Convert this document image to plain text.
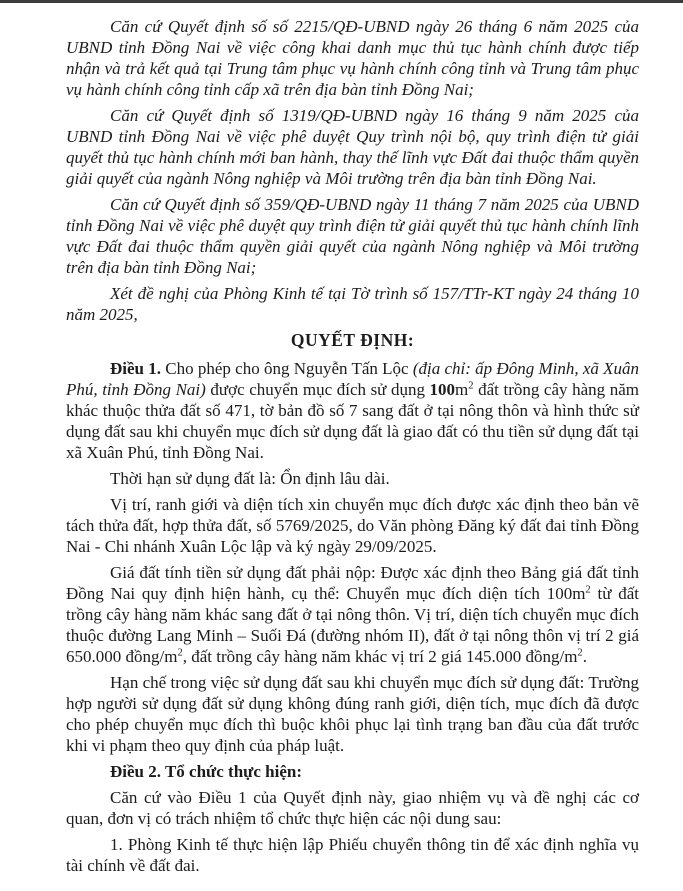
Căn cứ Quyết định số số 2215/QĐ-UBND ngày 26 tháng 6 năm 2025 của UBND tỉnh Đồng Nai về việc công khai danh mục thủ tục hành chính được tiếp nhận và trả kết quả tại Trung tâm phục vụ hành chính công tỉnh và Trung tâm phục vụ hành chính công tỉnh cấp xã trên địa bàn tỉnh Đồng Nai;

Căn cứ Quyết định số 1319/QĐ-UBND ngày 16 tháng 9 năm 2025 của UBND tỉnh Đồng Nai về việc phê duyệt Quy trình nội bộ, quy trình điện tử giải quyết thủ tục hành chính mới ban hành, thay thế lĩnh vực Đất đai thuộc thẩm quyền giải quyết của ngành Nông nghiệp và Môi trường trên địa bàn tỉnh Đồng Nai.

Căn cứ Quyết định số 359/QĐ-UBND ngày 11 tháng 7 năm 2025 của UBND tỉnh Đồng Nai về việc phê duyệt quy trình điện tử giải quyết thủ tục hành chính lĩnh vực Đất đai thuộc thẩm quyền giải quyết của ngành Nông nghiệp và Môi trường trên địa bàn tỉnh Đồng Nai;

Xét đề nghị của Phòng Kinh tế tại Tờ trình số 157/TTr-KT ngày 24 tháng 10 năm 2025,

QUYẾT ĐỊNH:

Điều 1. Cho phép cho ông Nguyễn Tấn Lộc (địa chỉ: ấp Đông Minh, xã Xuân Phú, tỉnh Đồng Nai) được chuyển mục đích sử dụng $100m^2$ đất trồng cây hàng năm khác thuộc thửa đất số 471, tờ bản đồ số 7 sang đất ở tại nông thôn và hình thức sử dụng đất sau khi chuyển mục đích sử dụng đất là giao đất có thu tiền sử dụng đất tại xã Xuân Phú, tỉnh Đồng Nai.

Thời hạn sử dụng đất là: Ổn định lâu dài.

Vị trí, ranh giới và diện tích xin chuyển mục đích được xác định theo bản vẽ tách thửa đất, hợp thửa đất, số 5769/2025, do Văn phòng Đăng ký đất đai tỉnh Đồng Nai - Chi nhánh Xuân Lộc lập và ký ngày 29/09/2025.

Giá đất tính tiền sử dụng đất phải nộp: Được xác định theo Bảng giá đất tỉnh Đồng Nai quy định hiện hành, cụ thể: Chuyển mục đích diện tích $100m^2$ từ đất trồng cây hàng năm khác sang đất ở tại nông thôn. Vị trí, diện tích chuyển mục đích thuộc đường Lang Minh – Suối Đá (đường nhóm II), đất ở tại nông thôn vị trí 2 giá 650.000 đồng/$m^2$, đất trồng cây hàng năm khác vị trí 2 giá 145.000 đồng/$m^2$.

Hạn chế trong việc sử dụng đất sau khi chuyển mục đích sử dụng đất: Trường hợp người sử dụng đất sử dụng không đúng ranh giới, diện tích, mục đích đã được cho phép chuyển mục đích thì buộc khôi phục lại tình trạng ban đầu của đất trước khi vi phạm theo quy định của pháp luật.

Điều 2. Tổ chức thực hiện:

Căn cứ vào Điều 1 của Quyết định này, giao nhiệm vụ và đề nghị các cơ quan, đơn vị có trách nhiệm tổ chức thực hiện các nội dung sau:

1. Phòng Kinh tế thực hiện lập Phiếu chuyển thông tin để xác định nghĩa vụ tài chính về đất đai.
